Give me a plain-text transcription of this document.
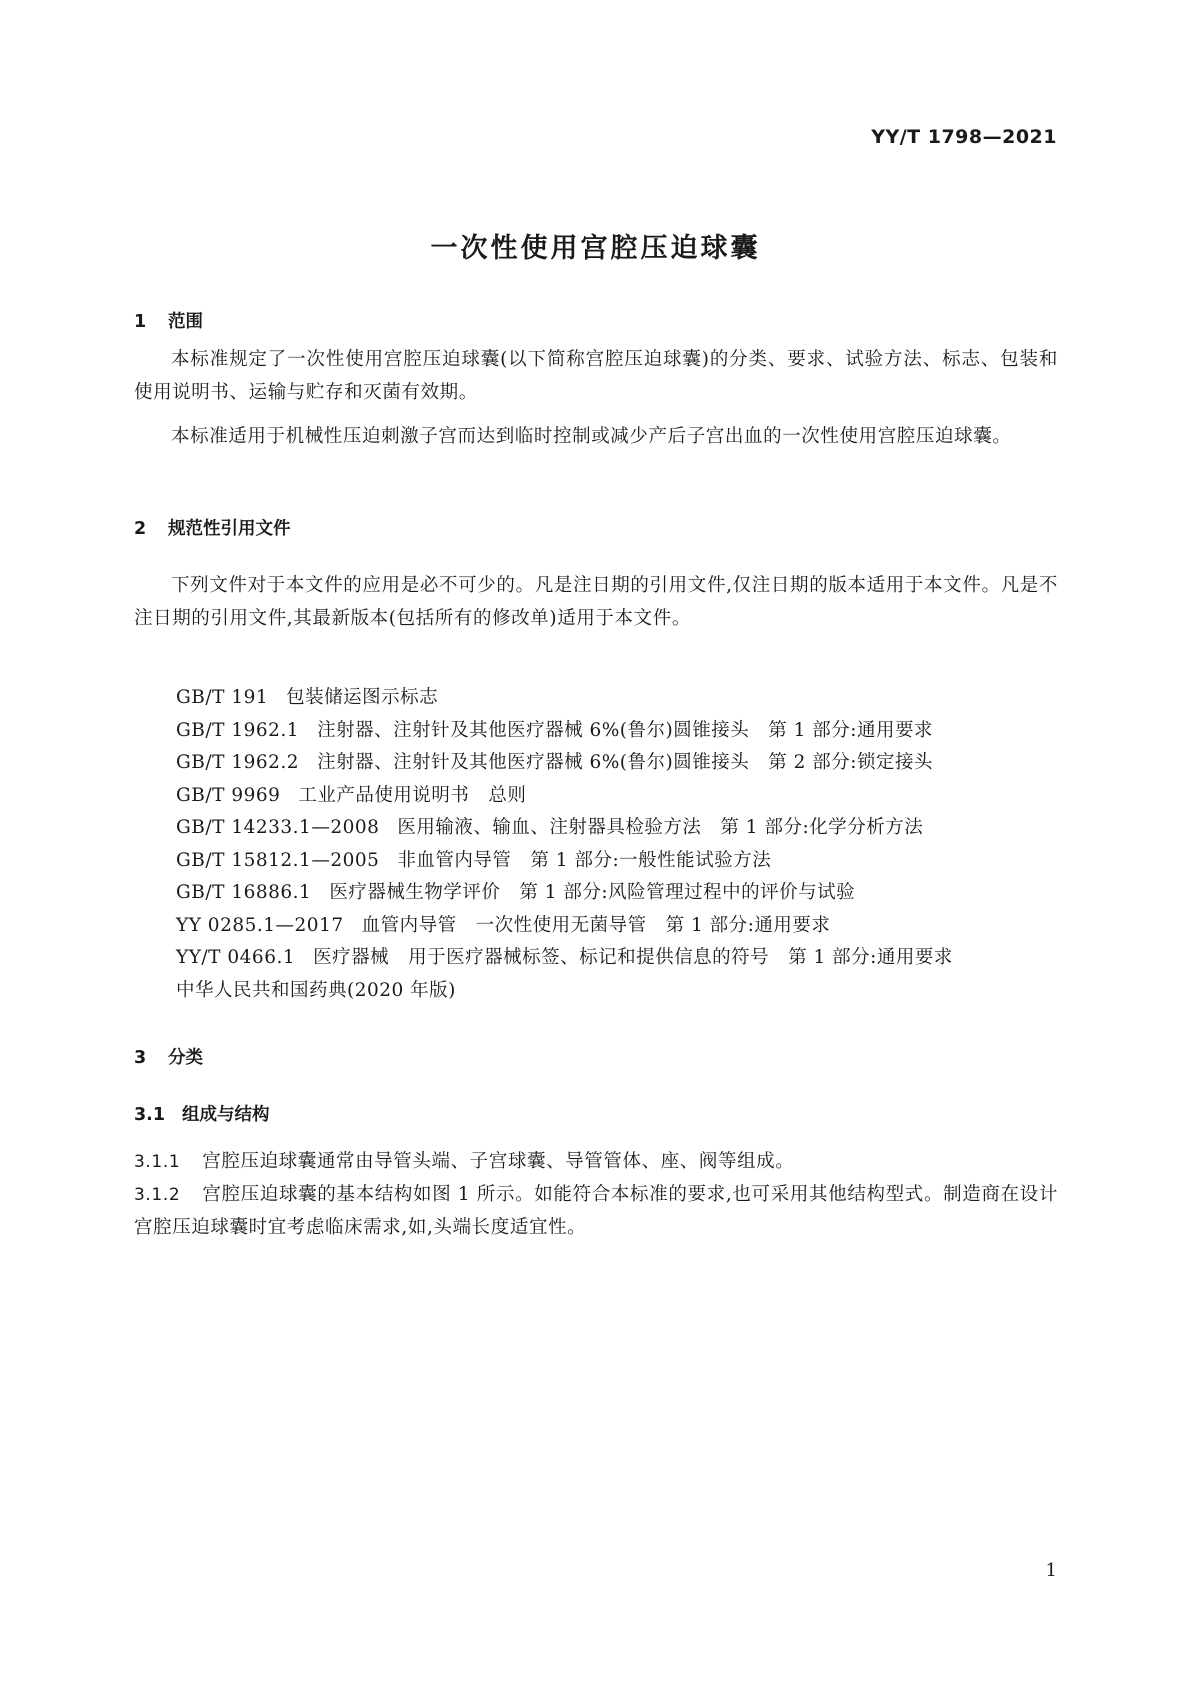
YY/T 1798—2021
一次性使用宫腔压迫球囊
1 范围

本标准规定了一次性使用宫腔压迫球囊(以下简称宫腔压迫球囊)的分类、要求、试验方法、标志、包装和使用说明书、运输与贮存和灭菌有效期。

本标准适用于机械性压迫刺激子宫而达到临时控制或减少产后子宫出血的一次性使用宫腔压迫球囊。

2 规范性引用文件

下列文件对于本文件的应用是必不可少的。凡是注日期的引用文件,仅注日期的版本适用于本文件。凡是不注日期的引用文件,其最新版本(包括所有的修改单)适用于本文件。

GB/T 191 包装储运图示标志
GB/T 1962.1 注射器、注射针及其他医疗器械 6%(鲁尔)圆锥接头　第 1 部分:通用要求
GB/T 1962.2 注射器、注射针及其他医疗器械 6%(鲁尔)圆锥接头　第 2 部分:锁定接头
GB/T 9969 工业产品使用说明书　总则
GB/T 14233.1—2008 医用输液、输血、注射器具检验方法　第 1 部分:化学分析方法
GB/T 15812.1—2005 非血管内导管　第 1 部分:一般性能试验方法
GB/T 16886.1 医疗器械生物学评价　第 1 部分:风险管理过程中的评价与试验
YY 0285.1—2017 血管内导管　一次性使用无菌导管　第 1 部分:通用要求
YY/T 0466.1 医疗器械　用于医疗器械标签、标记和提供信息的符号　第 1 部分:通用要求
中华人民共和国药典(2020 年版)
3 分类
3.1 组成与结构

3.1.1 宫腔压迫球囊通常由导管头端、子宫球囊、导管管体、座、阀等组成。

3.1.2 宫腔压迫球囊的基本结构如图 1 所示。如能符合本标准的要求,也可采用其他结构型式。制造商在设计宫腔压迫球囊时宜考虑临床需求,如,头端长度适宜性。

1
